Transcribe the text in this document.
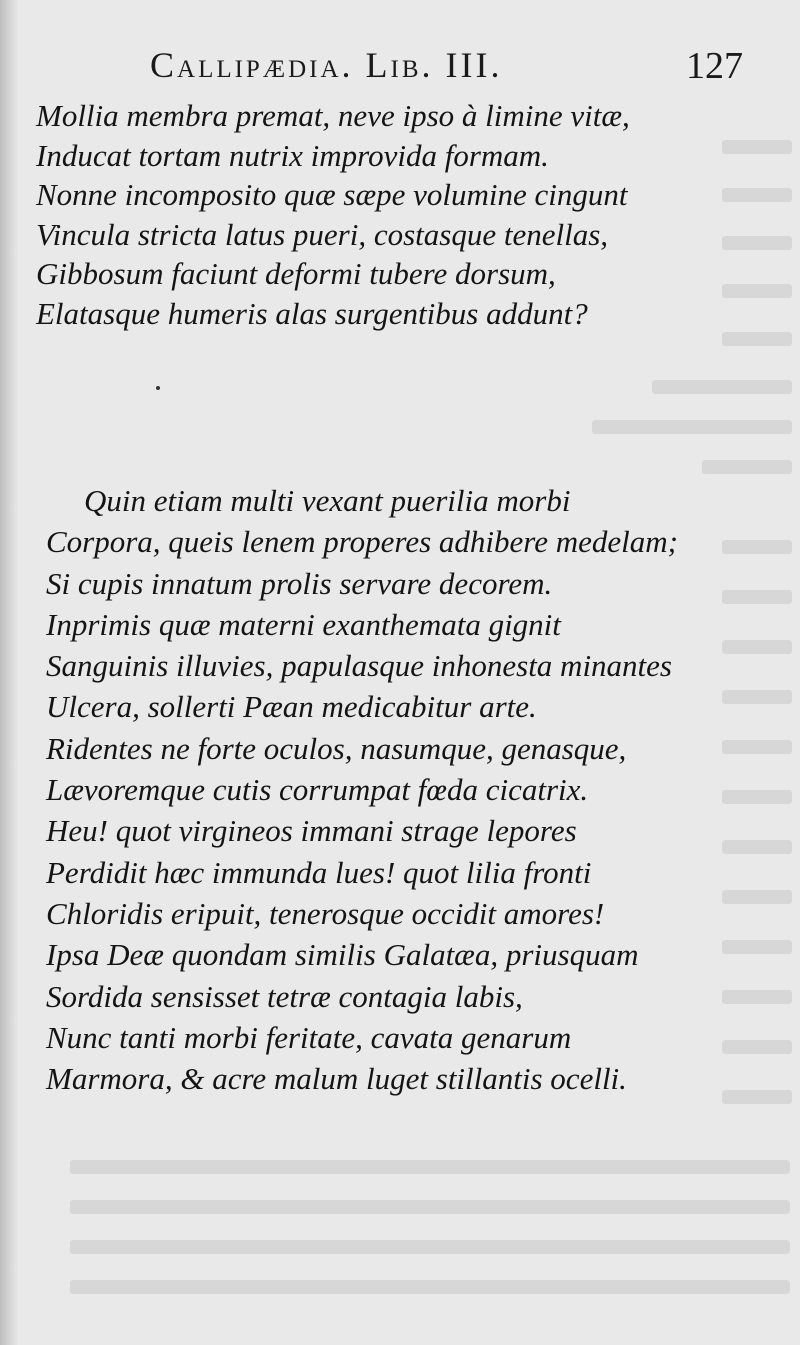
Callipædia. Lib. III.	127
Mollia membra premat, neve ipso à limine vitæ,
Inducat tortam nutrix improvida formam.
Nonne incomposito quæ sæpe volumine cingunt
Vincula stricta latus pueri, costasque tenellas,
Gibbosum faciunt deformi tubere dorsum,
Elatasque humeris alas surgentibus addunt?
Quin etiam multi vexant puerilia morbi
Corpora, queis lenem properes adhibere medelam;
Si cupis innatum prolis servare decorem.
Inprimis quæ materni exanthemata gignit
Sanguinis illuvies, papulasque inhonesta minantes
Ulcera, sollerti Pæan medicabitur arte.
Ridentes ne forte oculos, nasumque, genasque,
Lævoremque cutis corrumpat fœda cicatrix.
Heu! quot virgineos immani strage lepores
Perdidit hæc immunda lues! quot lilia fronti
Chloridis eripuit, tenerosque occidit amores!
Ipsa Deæ quondam similis Galatæa, priusquam
Sordida sensisset tetræ contagia labis,
Nunc tanti morbi feritate, cavata genarum
Marmora, & acre malum luget stillantis ocelli.
